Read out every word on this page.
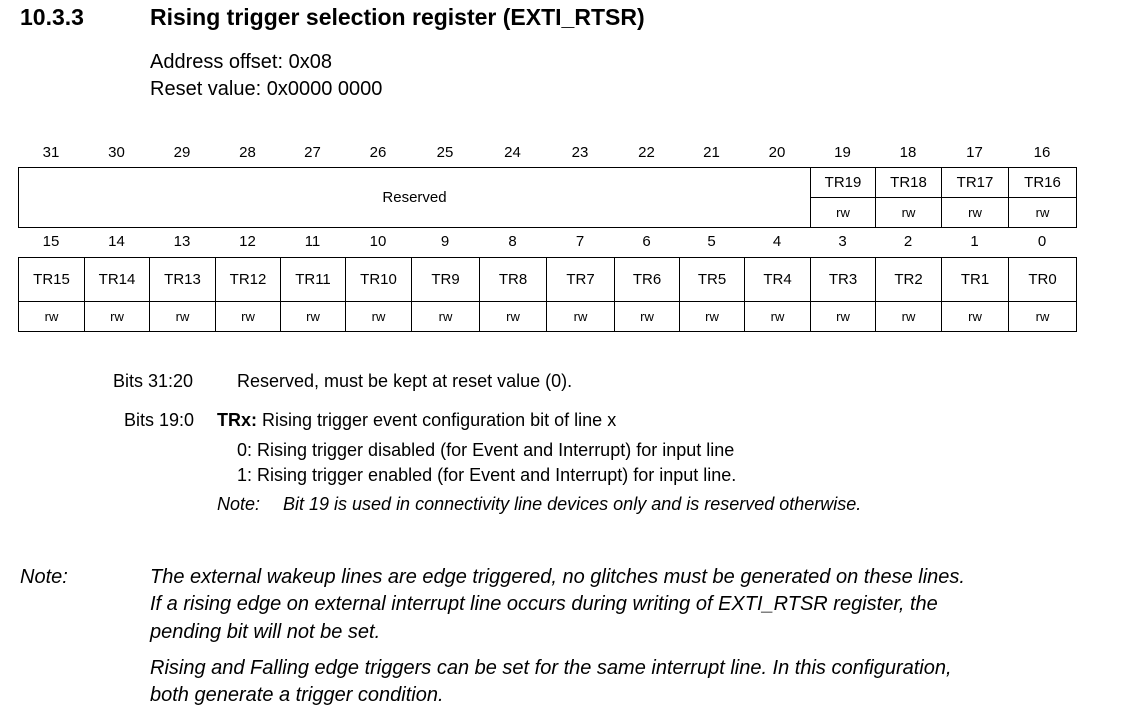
10.3.3	Rising trigger selection register (EXTI_RTSR)
Address offset: 0x08
Reset value: 0x0000 0000
31	30	29	28	27	26	25	24	23	22	21	20	19	18	17	16
Reserved	TR19	TR18	TR17	TR16
	rw	rw	rw	rw
15	14	13	12	11	10	9	8	7	6	5	4	3	2	1	0
TR15	TR14	TR13	TR12	TR11	TR10	TR9	TR8	TR7	TR6	TR5	TR4	TR3	TR2	TR1	TR0
rw	rw	rw	rw	rw	rw	rw	rw	rw	rw	rw	rw	rw	rw	rw	rw
Bits 31:20 Reserved, must be kept at reset value (0).
Bits 19:0 TRx: Rising trigger event configuration bit of line x
0: Rising trigger disabled (for Event and Interrupt) for input line
1: Rising trigger enabled (for Event and Interrupt) for input line.
Note: Bit 19 is used in connectivity line devices only and is reserved otherwise.
Note:	The external wakeup lines are edge triggered, no glitches must be generated on these lines.
If a rising edge on external interrupt line occurs during writing of EXTI_RTSR register, the
pending bit will not be set.
Rising and Falling edge triggers can be set for the same interrupt line. In this configuration,
both generate a trigger condition.
